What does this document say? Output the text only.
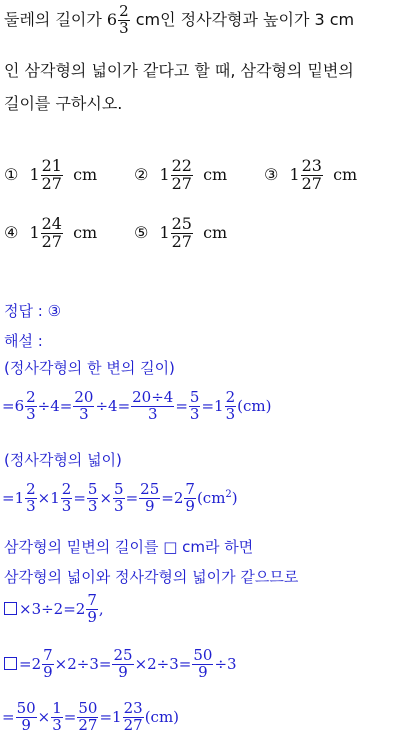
둘레의 길이가 $6 \frac{2}{3}$ cm인 정사각형과 높이가 3 cm
인 삼각형의 넓이가 같다고 할 때, 삼각형의 밑변의
길이를 구하시오.
① $1 \frac{21}{27}$ cm ② $1 \frac{22}{27}$ cm ③ $1 \frac{23}{27}$ cm
④ $1 \frac{24}{27}$ cm ⑤ $1 \frac{25}{27}$ cm
정답 : ③
해설 :
(정사각형의 한 변의 길이)
$=6 \frac{2}{3} \div 4= \frac{20}{3} \div 4= \frac{20\div 4}{3} = \frac{5}{3} =1 \frac{2}{3} (cm)$
(정사각형의 넓이)
$=1 \frac{2}{3} \times 1 \frac{2}{3} = \frac{5}{3} \times \frac{5}{3} = \frac{25}{9} =2 \frac{7}{9} (cm^2)$
삼각형의 밑변의 길이를 □ cm라 하면
삼각형의 넓이와 정사각형의 넓이가 같으므로
$\times 3\div 2=2 \frac{7}{9}$ ,
$=2 \frac{7}{9} \times 2\div 3= \frac{25}{9} \times 2\div 3= \frac{50}{9} \div 3$
= $\frac{50}{9} \times \frac{1}{3} = \frac{50}{27} =1 \frac{23}{27} (cm)$
